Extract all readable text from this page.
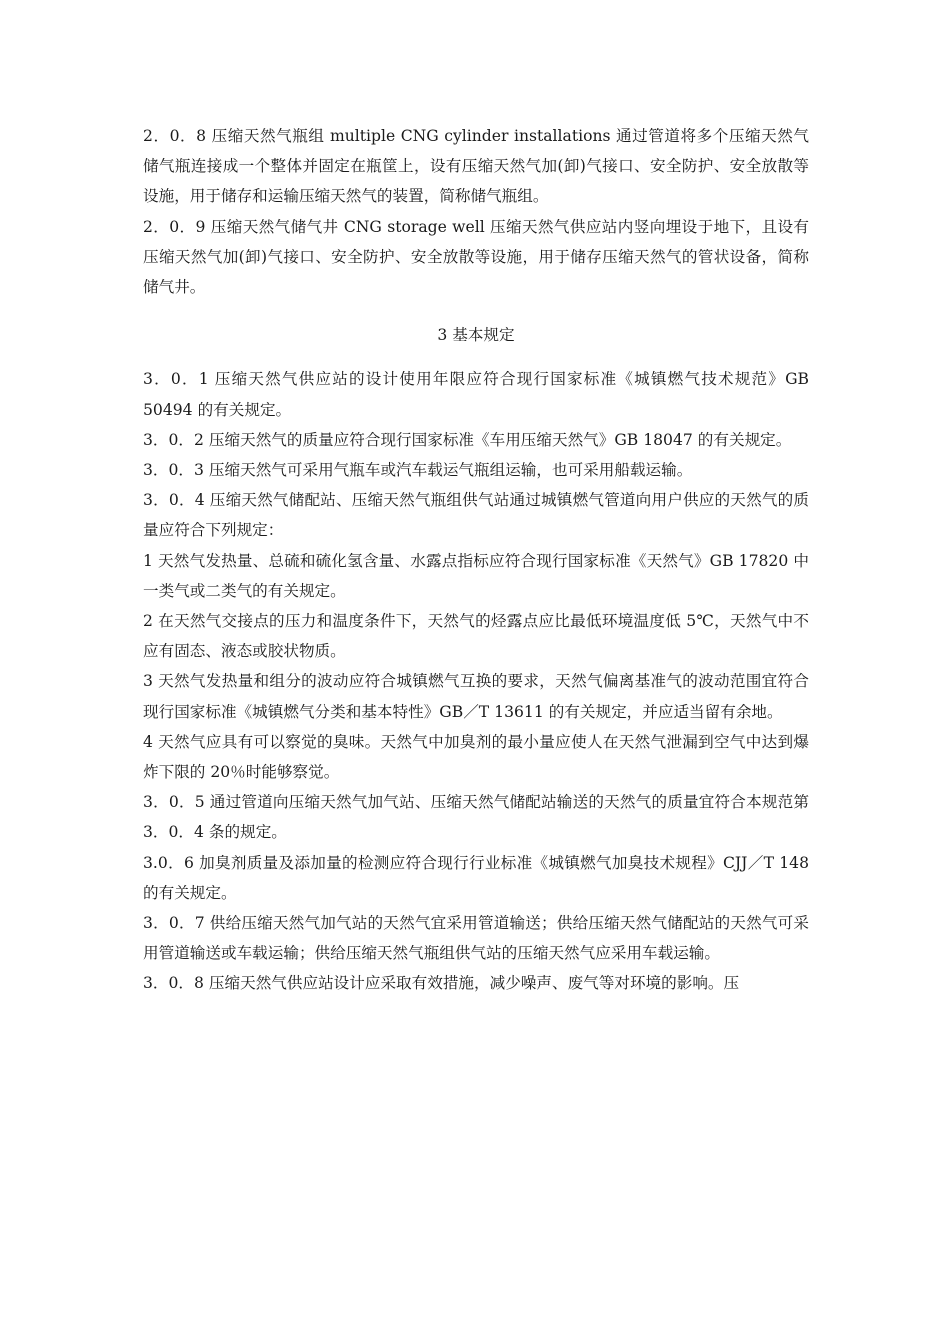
2．0．8 压缩天然气瓶组 multiple CNG cylinder installations 通过管道将多个压缩天然气储气瓶连接成一个整体并固定在瓶筐上，设有压缩天然气加(卸)气接口、安全防护、安全放散等设施，用于储存和运输压缩天然气的装置，简称储气瓶组。

2．0．9 压缩天然气储气井 CNG storage well 压缩天然气供应站内竖向埋设于地下，且设有压缩天然气加(卸)气接口、安全防护、安全放散等设施，用于储存压缩天然气的管状设备，简称储气井。

3 基本规定

3．0．1 压缩天然气供应站的设计使用年限应符合现行国家标准《城镇燃气技术规范》GB 50494 的有关规定。

3．0．2 压缩天然气的质量应符合现行国家标准《车用压缩天然气》GB 18047 的有关规定。

3．0．3 压缩天然气可采用气瓶车或汽车载运气瓶组运输，也可采用船载运输。

3．0．4 压缩天然气储配站、压缩天然气瓶组供气站通过城镇燃气管道向用户供应的天然气的质量应符合下列规定：

1 天然气发热量、总硫和硫化氢含量、水露点指标应符合现行国家标准《天然气》GB 17820 中一类气或二类气的有关规定。

2 在天然气交接点的压力和温度条件下，天然气的烃露点应比最低环境温度低 5℃，天然气中不应有固态、液态或胶状物质。

3 天然气发热量和组分的波动应符合城镇燃气互换的要求，天然气偏离基准气的波动范围宜符合现行国家标准《城镇燃气分类和基本特性》GB／T 13611 的有关规定，并应适当留有余地。

4 天然气应具有可以察觉的臭味。天然气中加臭剂的最小量应使人在天然气泄漏到空气中达到爆炸下限的 20％时能够察觉。

3．0．5 通过管道向压缩天然气加气站、压缩天然气储配站输送的天然气的质量宜符合本规范第 3．0．4 条的规定。

3.0．6 加臭剂质量及添加量的检测应符合现行行业标准《城镇燃气加臭技术规程》CJJ／T 148 的有关规定。

3．0．7 供给压缩天然气加气站的天然气宜采用管道输送；供给压缩天然气储配站的天然气可采用管道输送或车载运输；供给压缩天然气瓶组供气站的压缩天然气应采用车载运输。

3．0．8 压缩天然气供应站设计应采取有效措施，减少噪声、废气等对环境的影响。压
